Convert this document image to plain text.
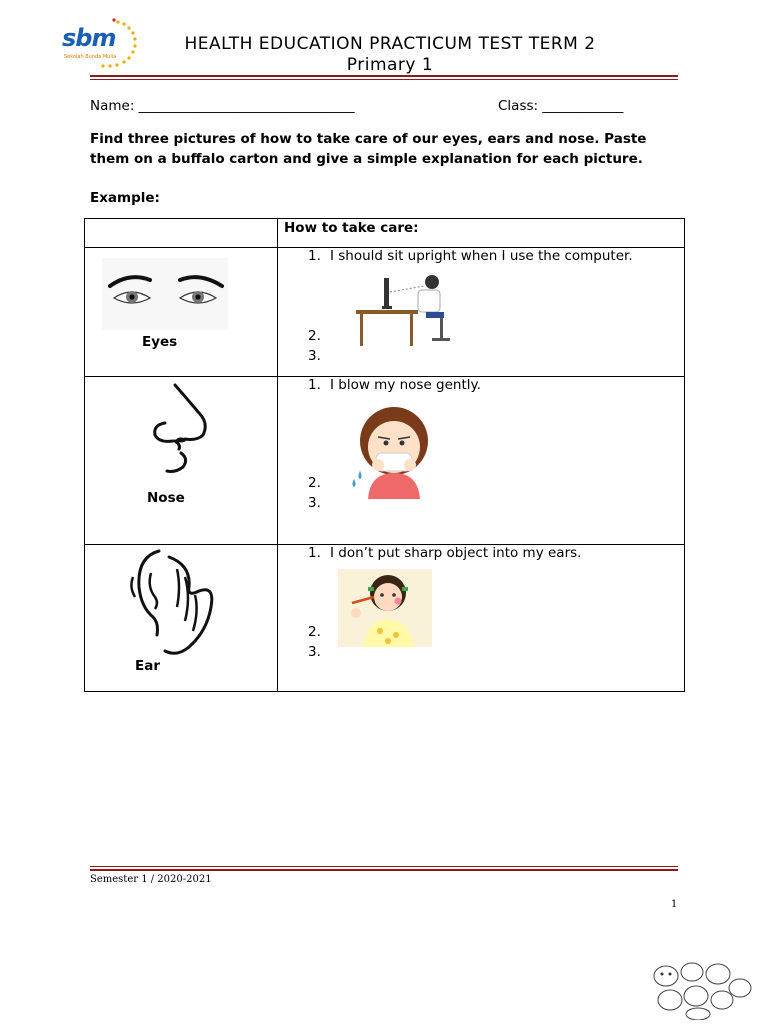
sbm
Sekolah Bunda Mulia
HEALTH EDUCATION PRACTICUM TEST TERM 2
Primary 1
Name: ________________________________	Class: ____________
Find three pictures of how to take care of our eyes, ears and nose. Paste them on a buffalo carton and give a simple explanation for each picture.
Example:
	How to take care:

Eyes	1. I should sit upright when I use the computer.
2.
3.

Nose	1. I blow my nose gently.
2.
3.

Ear	1. I don’t put sharp object into my ears.
2.
3.
Semester 1 / 2020-2021
1
